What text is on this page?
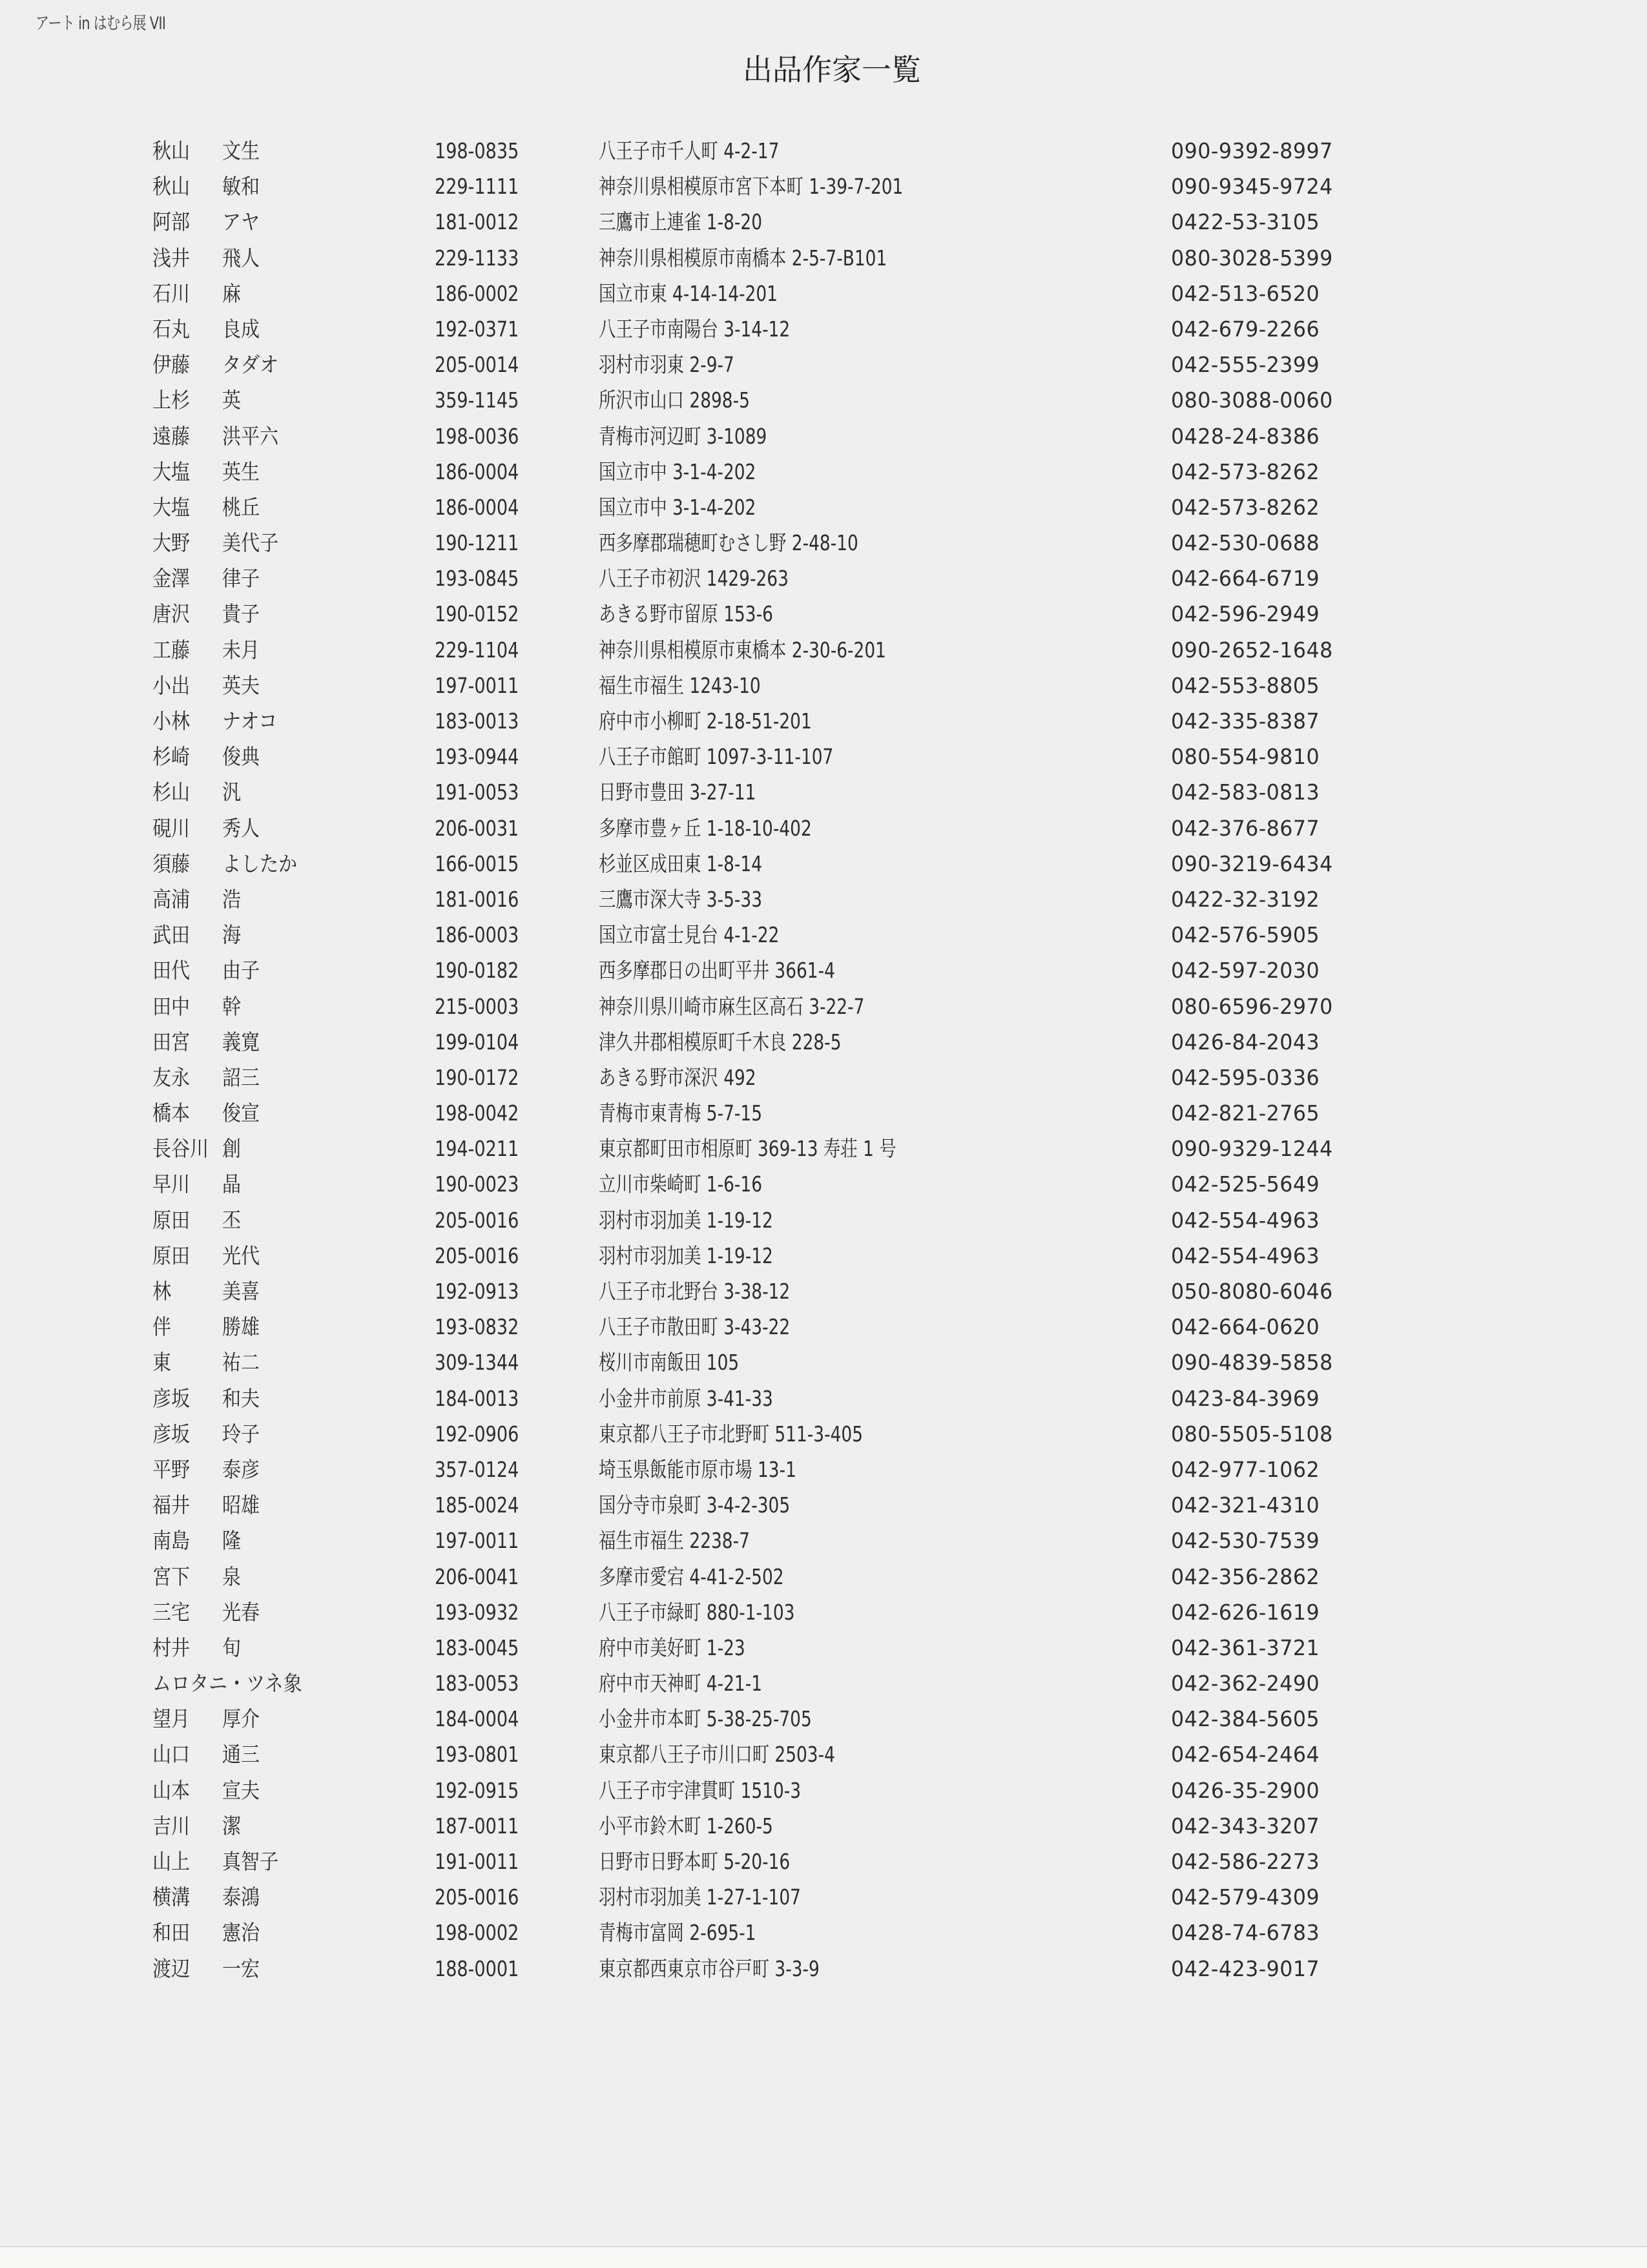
アート in はむら展 VII
出品作家一覧
秋山 文生	198-0835	八王子市千人町 4-2-17	090-9392-8997
秋山 敏和	229-1111	神奈川県相模原市宮下本町 1-39-7-201	090-9345-9724
阿部 アヤ	181-0012	三鷹市上連雀 1-8-20	0422-53-3105
浅井 飛人	229-1133	神奈川県相模原市南橋本 2-5-7-B101	080-3028-5399
石川 麻	186-0002	国立市東 4-14-14-201	042-513-6520
石丸 良成	192-0371	八王子市南陽台 3-14-12	042-679-2266
伊藤 タダオ	205-0014	羽村市羽東 2-9-7	042-555-2399
上杉 英	359-1145	所沢市山口 2898-5	080-3088-0060
遠藤 洪平六	198-0036	青梅市河辺町 3-1089	0428-24-8386
大塩 英生	186-0004	国立市中 3-1-4-202	042-573-8262
大塩 桃丘	186-0004	国立市中 3-1-4-202	042-573-8262
大野 美代子	190-1211	西多摩郡瑞穂町むさし野 2-48-10	042-530-0688
金澤 律子	193-0845	八王子市初沢 1429-263	042-664-6719
唐沢 貴子	190-0152	あきる野市留原 153-6	042-596-2949
工藤 未月	229-1104	神奈川県相模原市東橋本 2-30-6-201	090-2652-1648
小出 英夫	197-0011	福生市福生 1243-10	042-553-8805
小林 ナオコ	183-0013	府中市小柳町 2-18-51-201	042-335-8387
杉崎 俊典	193-0944	八王子市館町 1097-3-11-107	080-554-9810
杉山 汎	191-0053	日野市豊田 3-27-11	042-583-0813
硯川 秀人	206-0031	多摩市豊ヶ丘 1-18-10-402	042-376-8677
須藤 よしたか	166-0015	杉並区成田東 1-8-14	090-3219-6434
高浦 浩	181-0016	三鷹市深大寺 3-5-33	0422-32-3192
武田 海	186-0003	国立市富士見台 4-1-22	042-576-5905
田代 由子	190-0182	西多摩郡日の出町平井 3661-4	042-597-2030
田中 幹	215-0003	神奈川県川崎市麻生区高石 3-22-7	080-6596-2970
田宮 義寛	199-0104	津久井郡相模原町千木良 228-5	0426-84-2043
友永 詔三	190-0172	あきる野市深沢 492	042-595-0336
橋本 俊宣	198-0042	青梅市東青梅 5-7-15	042-821-2765
長谷川 創	194-0211	東京都町田市相原町 369-13 寿荘 1 号	090-9329-1244
早川 晶	190-0023	立川市柴崎町 1-6-16	042-525-5649
原田 丕	205-0016	羽村市羽加美 1-19-12	042-554-4963
原田 光代	205-0016	羽村市羽加美 1-19-12	042-554-4963
林 美喜	192-0913	八王子市北野台 3-38-12	050-8080-6046
伴 勝雄	193-0832	八王子市散田町 3-43-22	042-664-0620
東 祐二	309-1344	桜川市南飯田 105	090-4839-5858
彦坂 和夫	184-0013	小金井市前原 3-41-33	0423-84-3969
彦坂 玲子	192-0906	東京都八王子市北野町 511-3-405	080-5505-5108
平野 泰彦	357-0124	埼玉県飯能市原市場 13-1	042-977-1062
福井 昭雄	185-0024	国分寺市泉町 3-4-2-305	042-321-4310
南島 隆	197-0011	福生市福生 2238-7	042-530-7539
宮下 泉	206-0041	多摩市愛宕 4-41-2-502	042-356-2862
三宅 光春	193-0932	八王子市緑町 880-1-103	042-626-1619
村井 旬	183-0045	府中市美好町 1-23	042-361-3721
ムロタニ・ツネ象	183-0053	府中市天神町 4-21-1	042-362-2490
望月 厚介	184-0004	小金井市本町 5-38-25-705	042-384-5605
山口 通三	193-0801	東京都八王子市川口町 2503-4	042-654-2464
山本 宣夫	192-0915	八王子市宇津貫町 1510-3	0426-35-2900
吉川 潔	187-0011	小平市鈴木町 1-260-5	042-343-3207
山上 真智子	191-0011	日野市日野本町 5-20-16	042-586-2273
横溝 泰鴻	205-0016	羽村市羽加美 1-27-1-107	042-579-4309
和田 憲治	198-0002	青梅市富岡 2-695-1	0428-74-6783
渡辺 一宏	188-0001	東京都西東京市谷戸町 3-3-9	042-423-9017
